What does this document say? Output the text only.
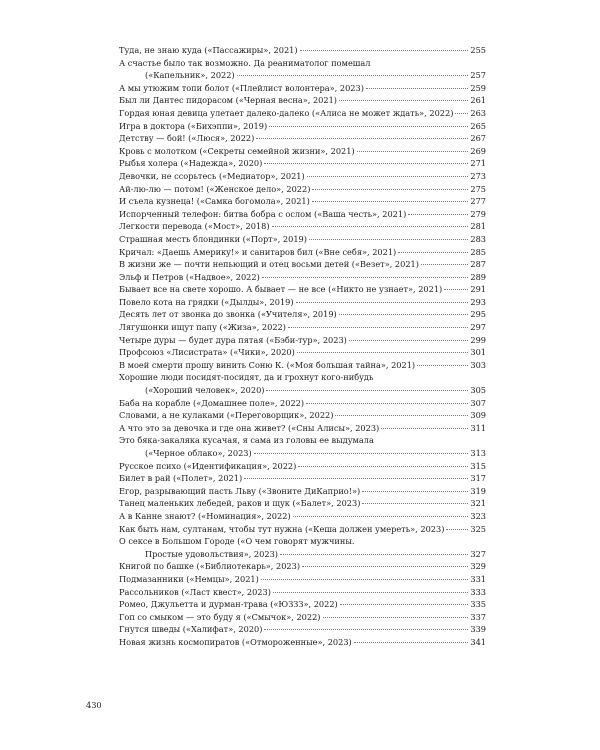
Туда, не знаю куда («Пассажиры», 2021)	255
А счастье было так возможно. Да реаниматолог помешал
(«Капельник», 2022)	257
А мы утюжим топи болот («Плейлист волонтера», 2023)	259
Был ли Дантес пидорасом («Черная весна», 2021)	261
Гордая юная девица улетает далеко-далеко («Алиса не может ждать», 2022) 263
Игра в доктора («Бихэппи», 2019)	265
Детству — бой! («Люся», 2022)	267
Кровь с молотком («Секреты семейной жизни», 2021)	269
Рыбья холера («Надежда», 2020)	271
Девочки, не ссорьтесь («Медиатор», 2021)	273
Ай-лю-лю — потом! («Женское дело», 2022)	275
И съела кузнеца! («Самка богомола», 2021)	277
Испорченный телефон: битва бобра с ослом («Ваша честь», 2021)	279
Легкости перевода («Мост», 2018)	281
Страшная месть блондинки («Порт», 2019)	283
Кричал: «Даешь Америку!» и санитаров бил («Вне себя», 2021)	285
В жизни же — почти непьющий и отец восьми детей («Везет», 2021)	287
Эльф и Петров («Надвое», 2022)	289
Бывает все на свете хорошо. А бывает — не все («Никто не узнает», 2021)	291
Повело кота на грядки («Дылды», 2019)	293
Десять лет от звонка до звонка («Учителя», 2019)	295
Лягушонки ищут папу («Жиза», 2022)	297
Четыре дуры — будет дура пятая («Бэби-тур», 2023)	299
Профсоюз «Лисистрата» («Чики», 2020)	301
В моей смерти прошу винить Соню К. («Моя большая тайна», 2021)	303
Хорошие люди посидят-посидят, да и грохнут кого-нибудь
(«Хороший человек», 2020)	305
Баба на корабле («Домашнее поле», 2022)	307
Словами, а не кулаками («Переговорщик», 2022)	309
А что это за девочка и где она живет? («Сны Алисы», 2023)	311
Это бяка-закаляка кусачая, я сама из головы ее выдумала
(«Черное облако», 2023)	313
Русское психо («Идентификация», 2022)	315
Билет в рай («Полет», 2021)	317
Егор, разрывающий пасть Льву («Звоните ДиКаприо!»)	319
Танец маленьких лебедей, раков и щук («Балет», 2023)	321
А в Канне знают? («Номинация», 2022)	323
Как быть нам, султанам, чтобы тут нужна («Кеша должен умереть», 2023)	325
О сексе в Большом Городе («О чем говорят мужчины.
Простые удовольствия», 2023)	327
Книгой по башке («Библиотекарь», 2023)	329
Подмазанники («Немцы», 2021)	331
Рассольников («Ласт квест», 2023)	333
Ромео, Джульетта и дурман-трава («ЮЗЗЗ», 2022)	335
Гоп со смыком — это буду я («Смычок», 2022)	337
Гнутся шведы («Халифат», 2020)	339
Новая жизнь космопиратов («Отмороженные», 2023)	341
430
